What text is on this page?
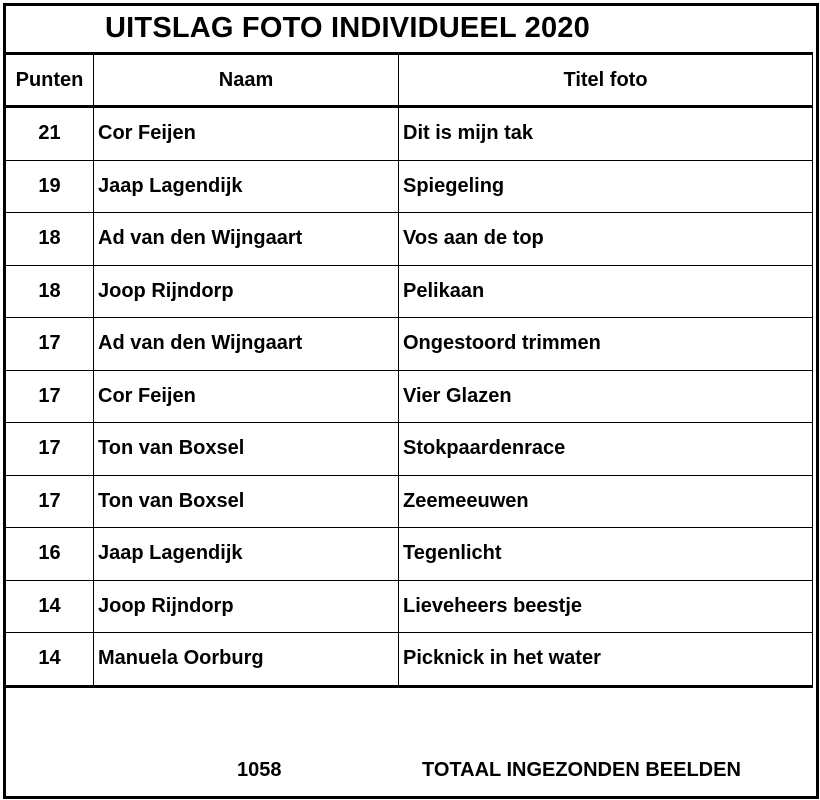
UITSLAG FOTO INDIVIDUEEL 2020
Punten	Naam	Titel foto
21	Cor Feijen	Dit is mijn tak
19	Jaap Lagendijk	Spiegeling
18	Ad van den Wijngaart	Vos aan de top
18	Joop Rijndorp	Pelikaan
17	Ad van den Wijngaart	Ongestoord trimmen
17	Cor Feijen	Vier Glazen
17	Ton van Boxsel	Stokpaardenrace
17	Ton van Boxsel	Zeemeeuwen
16	Jaap Lagendijk	Tegenlicht
14	Joop Rijndorp	Lieveheers beestje
14	Manuela Oorburg	Picknick in het water
1058	TOTAAL INGEZONDEN BEELDEN
